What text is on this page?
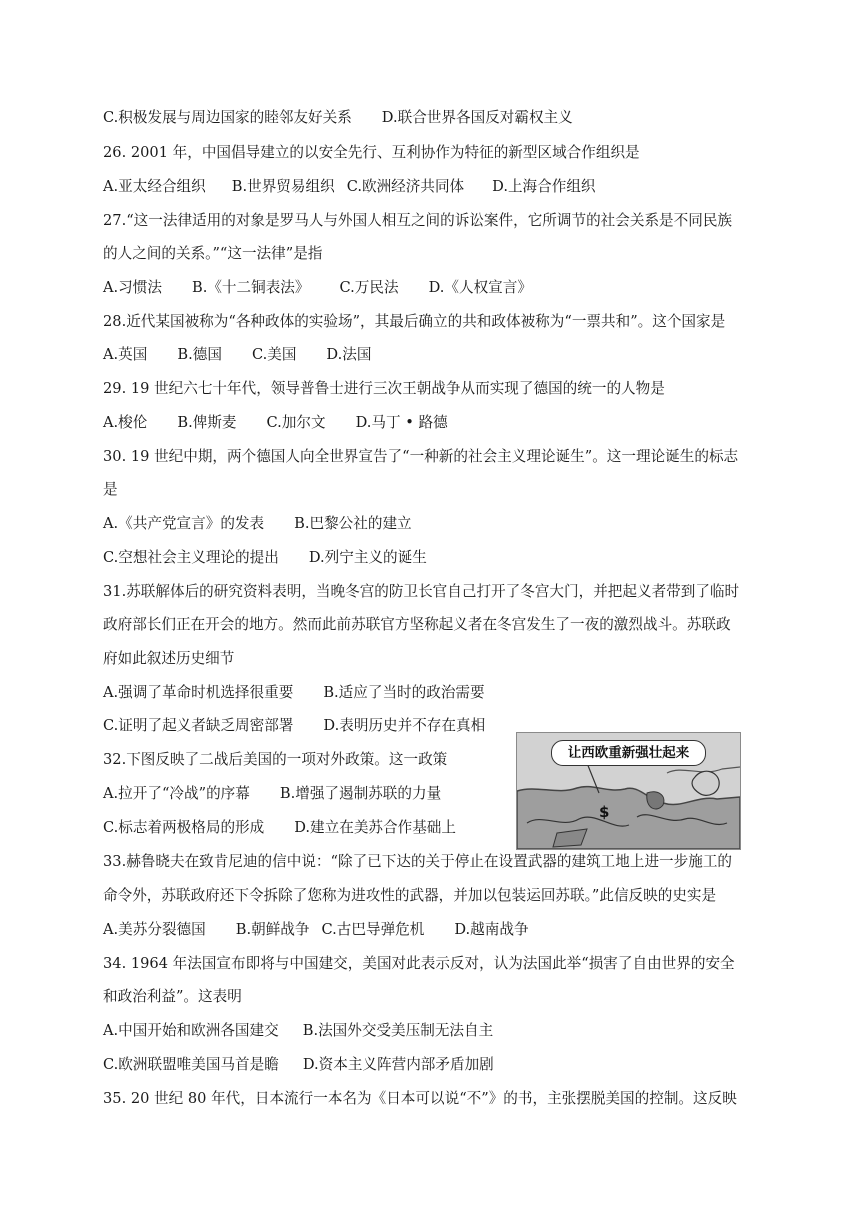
C.积极发展与周边国家的睦邻友好关系 D.联合世界各国反对霸权主义
26. 2001 年，中国倡导建立的以安全先行、互利协作为特征的新型区域合作组织是
A.亚太经合组织 B.世界贸易组织 C.欧洲经济共同体 D.上海合作组织
27.“这一法律适用的对象是罗马人与外国人相互之间的诉讼案件，它所调节的社会关系是不同民族
的人之间的关系。”“这一法律”是指
A.习惯法 B.《十二铜表法》 C.万民法 D.《人权宣言》
28.近代某国被称为“各种政体的实验场”，其最后确立的共和政体被称为“一票共和”。这个国家是
A.英国 B.德国 C.美国 D.法国
29. 19 世纪六七十年代，领导普鲁士进行三次王朝战争从而实现了德国的统一的人物是
A.梭伦 B.俾斯麦 C.加尔文 D.马丁 • 路德
30. 19 世纪中期，两个德国人向全世界宣告了“一种新的社会主义理论诞生”。这一理论诞生的标志
是
A.《共产党宣言》的发表 B.巴黎公社的建立
C.空想社会主义理论的提出 D.列宁主义的诞生
31.苏联解体后的研究资料表明，当晚冬宫的防卫长官自己打开了冬宫大门，并把起义者带到了临时
政府部长们正在开会的地方。然而此前苏联官方坚称起义者在冬宫发生了一夜的激烈战斗。苏联政
府如此叙述历史细节
A.强调了革命时机选择很重要 B.适应了当时的政治需要
C.证明了起义者缺乏周密部署 D.表明历史并不存在真相
32.下图反映了二战后美国的一项对外政策。这一政策
A.拉开了“冷战”的序幕 B.增强了遏制苏联的力量
C.标志着两极格局的形成 D.建立在美苏合作基础上
$
让西欧重新强壮起来
33.赫鲁晓夫在致肯尼迪的信中说：“除了已下达的关于停止在设置武器的建筑工地上进一步施工的
命令外，苏联政府还下令拆除了您称为进攻性的武器，并加以包装运回苏联。”此信反映的史实是
A.美苏分裂德国 B.朝鲜战争 C.古巴导弹危机 D.越南战争
34. 1964 年法国宣布即将与中国建交，美国对此表示反对，认为法国此举“损害了自由世界的安全
和政治利益”。这表明
A.中国开始和欧洲各国建交 B.法国外交受美压制无法自主
C.欧洲联盟唯美国马首是瞻 D.资本主义阵营内部矛盾加剧
35. 20 世纪 80 年代，日本流行一本名为《日本可以说“不”》的书，主张摆脱美国的控制。这反映
